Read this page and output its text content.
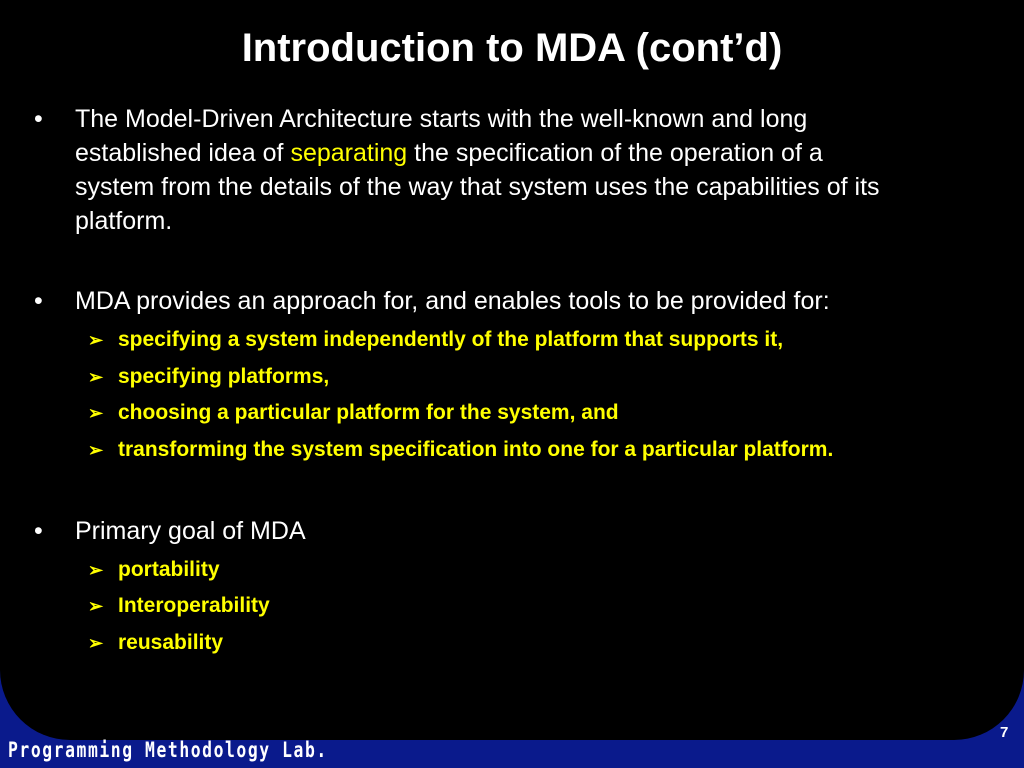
Introduction to MDA (cont’d)
• The Model-Driven Architecture starts with the well-known and long
established idea of separating the specification of the operation of a
system from the details of the way that system uses the capabilities of its
platform.
• MDA provides an approach for, and enables tools to be provided for:
➢ specifying a system independently of the platform that supports it,
➢ specifying platforms,
➢ choosing a particular platform for the system, and
➢ transforming the system specification into one for a particular platform.
• Primary goal of MDA
➢ portability
➢ Interoperability
➢ reusability
Programming Methodology Lab.
7
